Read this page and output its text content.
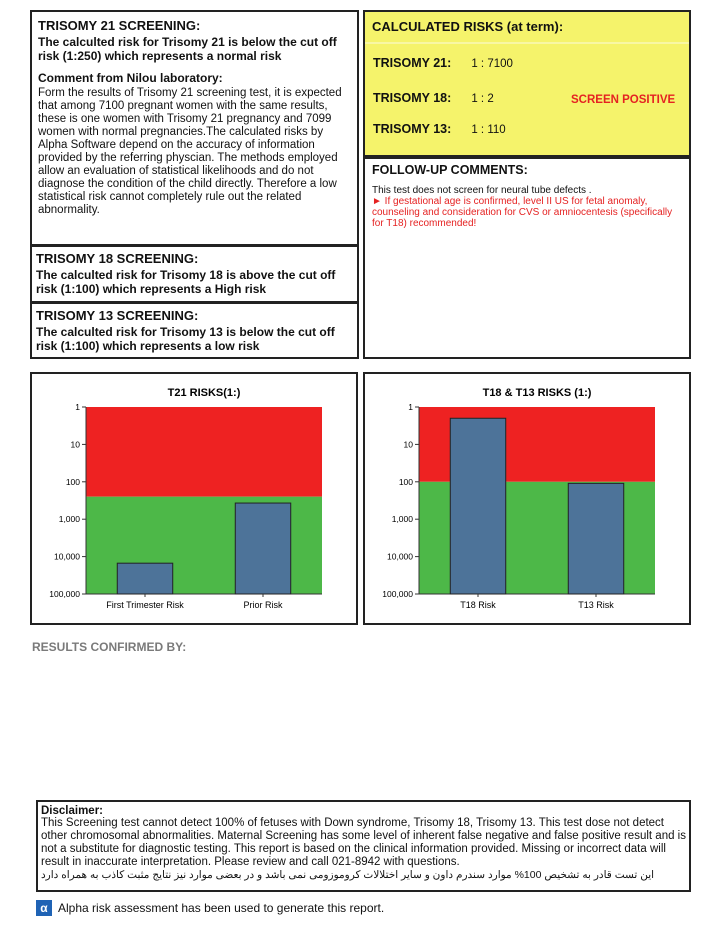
TRISOMY 21 SCREENING:
The calculted risk for Trisomy 21 is below the cut off risk (1:250) which represents a normal risk
Comment from Nilou laboratory:
Form the results of Trisomy 21 screening test, it is expected that among 7100 pregnant women with the same results, these is one women with Trisomy 21 pregnancy and 7099 women with normal pregnancies.The calculated risks by Alpha Software depend on the accuracy of information provided by the referring physcian. The methods employed allow an evaluation of statistical likelihoods and do not diagnose the condition of the child directly. Therefore a low statistical risk cannot completely rule out the related abnormality.
TRISOMY 18 SCREENING:
The calculted risk for Trisomy 18 is above the cut off risk (1:100) which represents a High risk
TRISOMY 13 SCREENING:
The calculted risk for Trisomy 13 is below the cut off risk (1:100) which represents a low risk
CALCULATED RISKS (at term):
TRISOMY 21: 1 : 7100
TRISOMY 18: 1 : 2	SCREEN POSITIVE
TRISOMY 13: 1 : 110
FOLLOW-UP COMMENTS:
This test does not screen for neural tube defects .
► If gestational age is confirmed, level II US for fetal anomaly, counseling and consideration for CVS or amniocentesis (specifically for T18) recommended!
T21 RISKS(1:)
1
10
100
1,000
10,000
100,000
First Trimester Risk	Prior Risk
T18 & T13 RISKS (1:)
1
10
100
1,000
10,000
100,000
T18 Risk	T13 Risk
RESULTS CONFIRMED BY:
Disclaimer:
This Screening test cannot detect 100% of fetuses with Down syndrome, Trisomy 18, Trisomy 13. This test dose not detect other chromosomal abnormalities. Maternal Screening has some level of inherent false negative and false positive result and is not a substitute for diagnostic testing. This report is based on the clinical information provided. Missing or incorrect data will result in inaccurate interpretation. Please review and call 021-8942 with questions.
این تست قادر به تشخیص 100% موارد سندرم داون و سایر اختلالات کروموزومی نمی باشد و در بعضی موارد نیز نتایج مثبت کاذب به همراه دارد
α Alpha risk assessment has been used to generate this report.
